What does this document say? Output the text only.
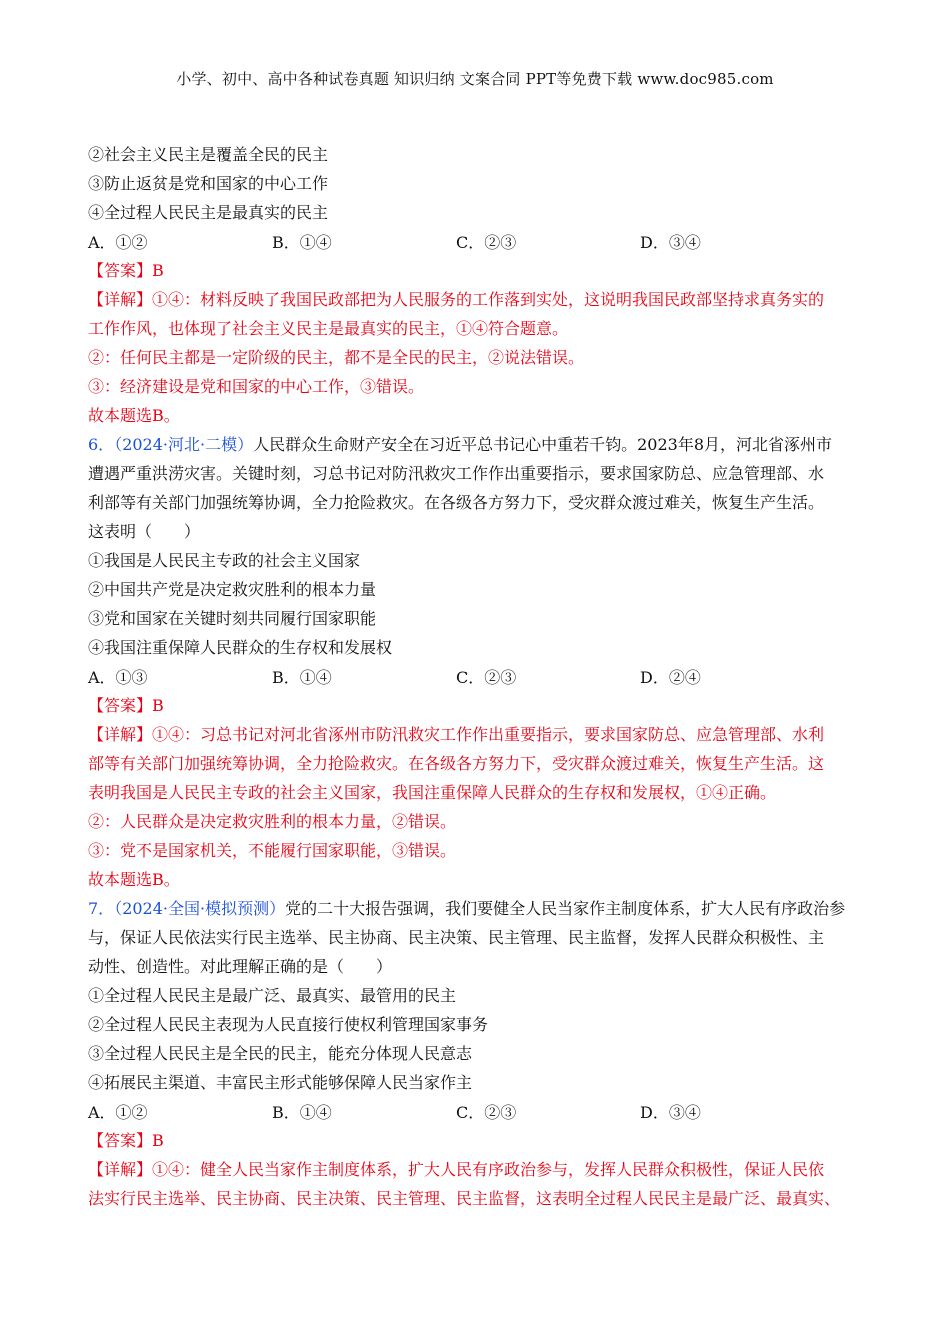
小学、初中、高中各种试卷真题 知识归纳 文案合同 PPT等免费下载 www.doc985.com
②社会主义民主是覆盖全民的民主
③防止返贫是党和国家的中心工作
④全过程人民民主是最真实的民主
A．①②	B．①④	C．②③	D．③④
【答案】B
【详解】①④：材料反映了我国民政部把为人民服务的工作落到实处，这说明我国民政部坚持求真务实的
工作作风，也体现了社会主义民主是最真实的民主，①④符合题意。
②：任何民主都是一定阶级的民主，都不是全民的民主，②说法错误。
③：经济建设是党和国家的中心工作，③错误。
故本题选B。
6．（2024·河北·二模）人民群众生命财产安全在习近平总书记心中重若千钧。2023年8月，河北省涿州市
遭遇严重洪涝灾害。关键时刻，习总书记对防汛救灾工作作出重要指示，要求国家防总、应急管理部、水
利部等有关部门加强统筹协调，全力抢险救灾。在各级各方努力下，受灾群众渡过难关，恢复生产生活。
这表明（　　）
①我国是人民民主专政的社会主义国家
②中国共产党是决定救灾胜利的根本力量
③党和国家在关键时刻共同履行国家职能
④我国注重保障人民群众的生存权和发展权
A．①③	B．①④	C．②③	D．②④
【答案】B
【详解】①④：习总书记对河北省涿州市防汛救灾工作作出重要指示，要求国家防总、应急管理部、水利
部等有关部门加强统筹协调，全力抢险救灾。在各级各方努力下，受灾群众渡过难关，恢复生产生活。这
表明我国是人民民主专政的社会主义国家，我国注重保障人民群众的生存权和发展权，①④正确。
②：人民群众是决定救灾胜利的根本力量，②错误。
③：党不是国家机关，不能履行国家职能，③错误。
故本题选B。
7．（2024·全国·模拟预测）党的二十大报告强调，我们要健全人民当家作主制度体系，扩大人民有序政治参
与，保证人民依法实行民主选举、民主协商、民主决策、民主管理、民主监督，发挥人民群众积极性、主
动性、创造性。对此理解正确的是（　　）
①全过程人民民主是最广泛、最真实、最管用的民主
②全过程人民民主表现为人民直接行使权利管理国家事务
③全过程人民民主是全民的民主，能充分体现人民意志
④拓展民主渠道、丰富民主形式能够保障人民当家作主
A．①②	B．①④	C．②③	D．③④
【答案】B
【详解】①④：健全人民当家作主制度体系，扩大人民有序政治参与，发挥人民群众积极性，保证人民依
法实行民主选举、民主协商、民主决策、民主管理、民主监督，这表明全过程人民民主是最广泛、最真实、
